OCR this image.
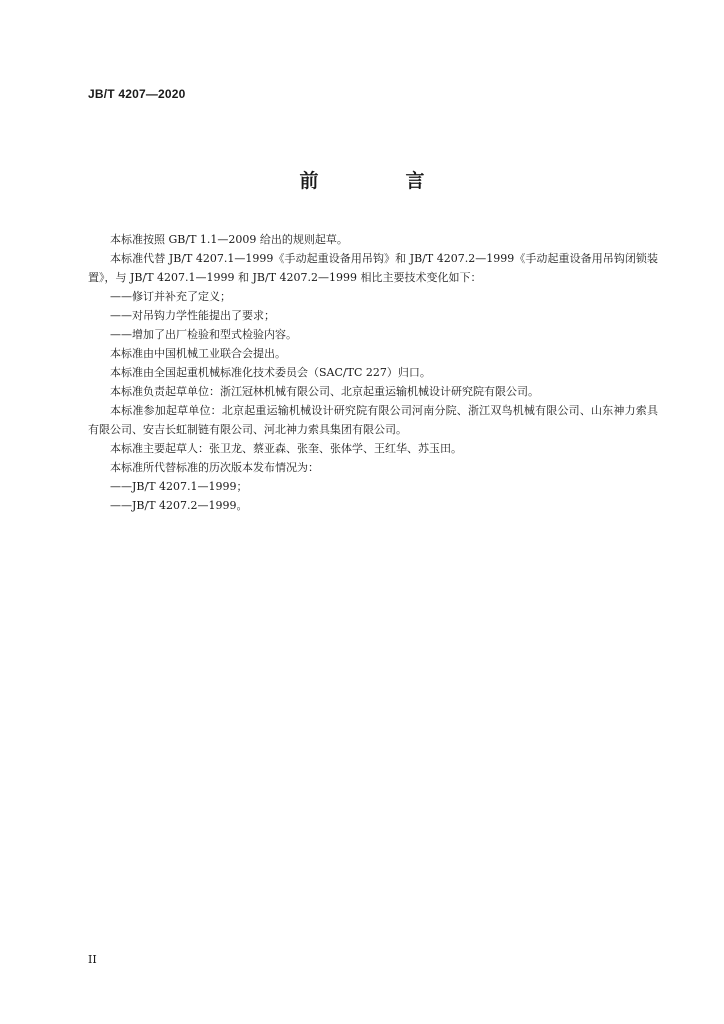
JB/T 4207—2020
前　言

本标准按照 GB/T 1.1—2009 给出的规则起草。

本标准代替 JB/T 4207.1—1999《手动起重设备用吊钩》和 JB/T 4207.2—1999《手动起重设备用吊钩闭锁装置》，与 JB/T 4207.1—1999 和 JB/T 4207.2—1999 相比主要技术变化如下：

——修订并补充了定义；

——对吊钩力学性能提出了要求；

——增加了出厂检验和型式检验内容。

本标准由中国机械工业联合会提出。

本标准由全国起重机械标准化技术委员会（SAC/TC 227）归口。

本标准负责起草单位：浙江冠林机械有限公司、北京起重运输机械设计研究院有限公司。

本标准参加起草单位：北京起重运输机械设计研究院有限公司河南分院、浙江双鸟机械有限公司、山东神力索具有限公司、安吉长虹制链有限公司、河北神力索具集团有限公司。

本标准主要起草人：张卫龙、蔡亚森、张奎、张体学、王红华、苏玉田。

本标准所代替标准的历次版本发布情况为：

——JB/T 4207.1—1999；

——JB/T 4207.2—1999。

II
